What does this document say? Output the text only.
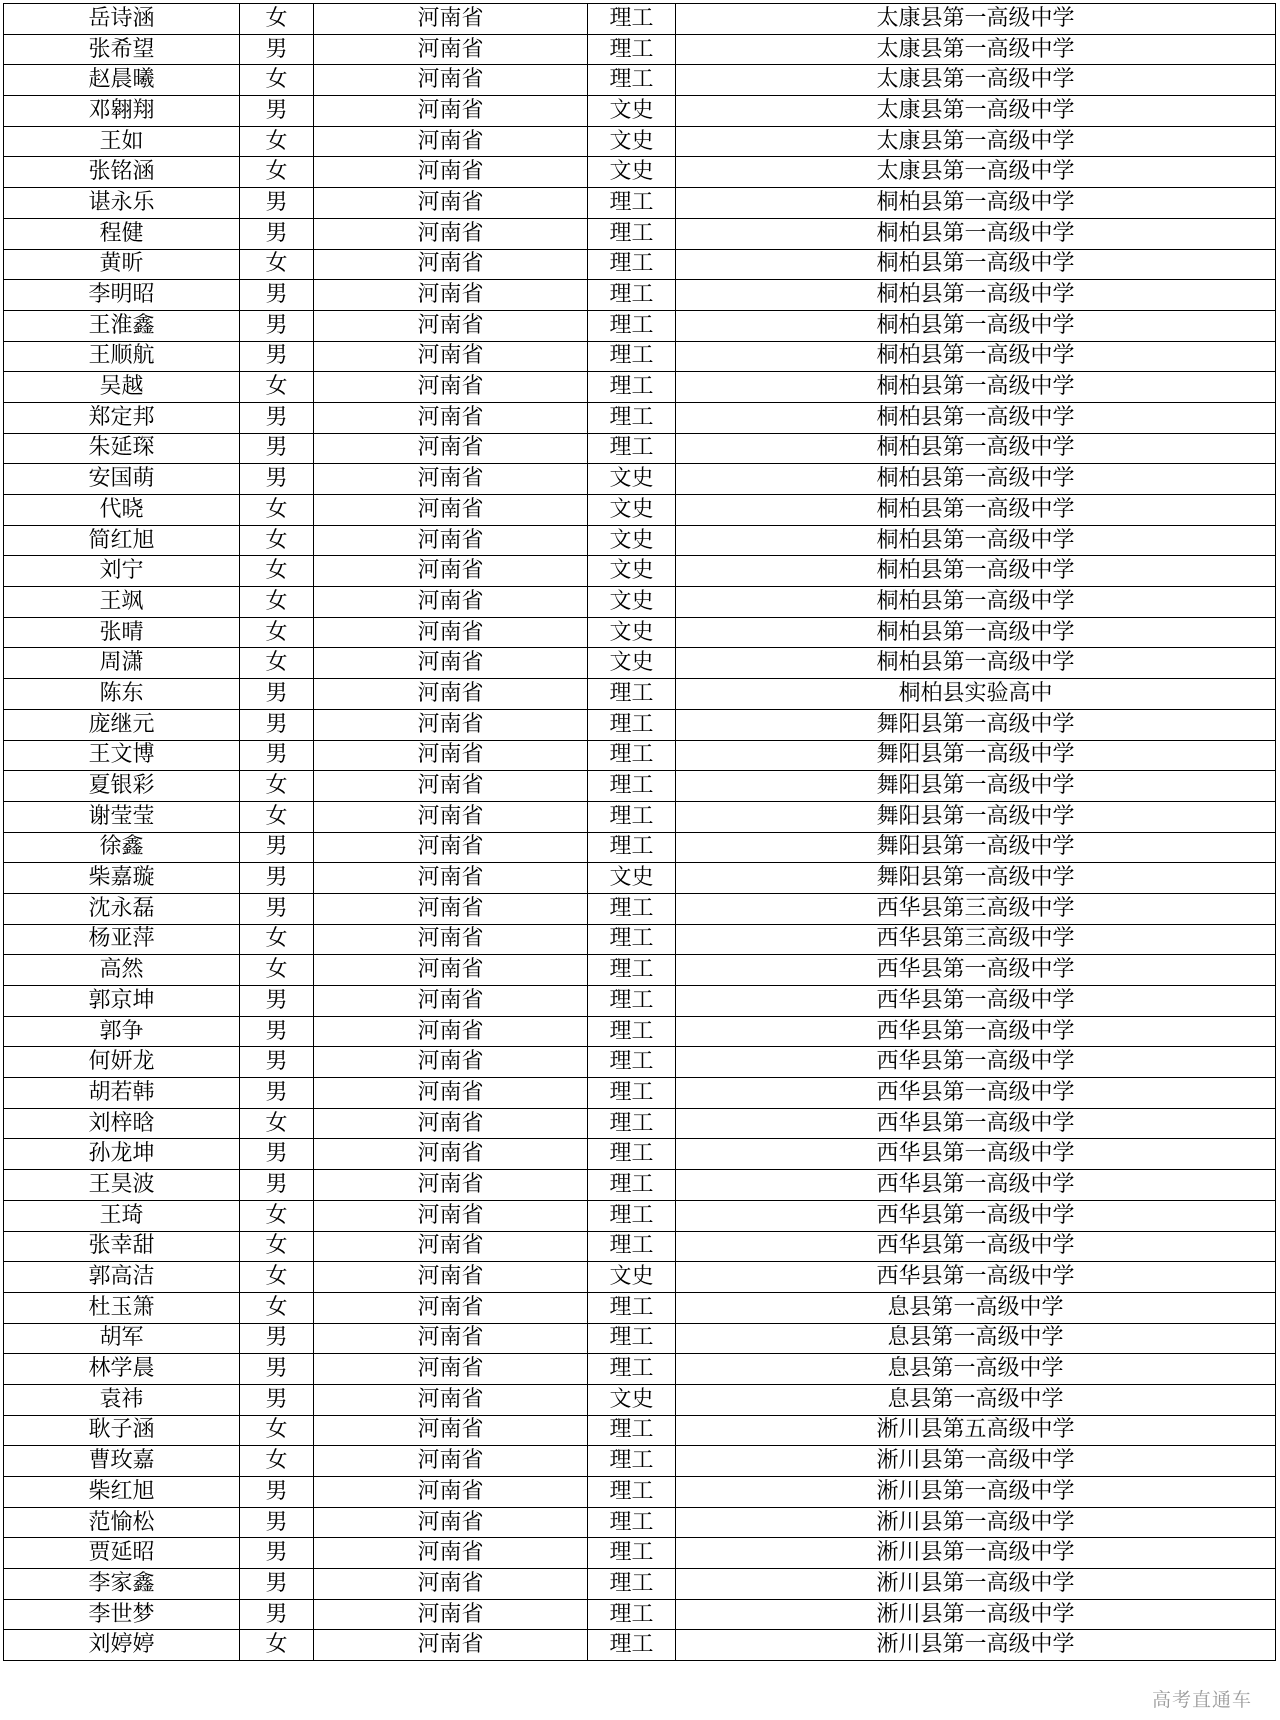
岳诗涵	女	河南省	理工	太康县第一高级中学
张希望	男	河南省	理工	太康县第一高级中学
赵晨曦	女	河南省	理工	太康县第一高级中学
邓翱翔	男	河南省	文史	太康县第一高级中学
王如	女	河南省	文史	太康县第一高级中学
张铭涵	女	河南省	文史	太康县第一高级中学
谌永乐	男	河南省	理工	桐柏县第一高级中学
程健	男	河南省	理工	桐柏县第一高级中学
黄昕	女	河南省	理工	桐柏县第一高级中学
李明昭	男	河南省	理工	桐柏县第一高级中学
王淮鑫	男	河南省	理工	桐柏县第一高级中学
王顺航	男	河南省	理工	桐柏县第一高级中学
吴越	女	河南省	理工	桐柏县第一高级中学
郑定邦	男	河南省	理工	桐柏县第一高级中学
朱延琛	男	河南省	理工	桐柏县第一高级中学
安国萌	男	河南省	文史	桐柏县第一高级中学
代晓	女	河南省	文史	桐柏县第一高级中学
简红旭	女	河南省	文史	桐柏县第一高级中学
刘宁	女	河南省	文史	桐柏县第一高级中学
王飒	女	河南省	文史	桐柏县第一高级中学
张晴	女	河南省	文史	桐柏县第一高级中学
周潇	女	河南省	文史	桐柏县第一高级中学
陈东	男	河南省	理工	桐柏县实验高中
庞继元	男	河南省	理工	舞阳县第一高级中学
王文博	男	河南省	理工	舞阳县第一高级中学
夏银彩	女	河南省	理工	舞阳县第一高级中学
谢莹莹	女	河南省	理工	舞阳县第一高级中学
徐鑫	男	河南省	理工	舞阳县第一高级中学
柴嘉璇	男	河南省	文史	舞阳县第一高级中学
沈永磊	男	河南省	理工	西华县第三高级中学
杨亚萍	女	河南省	理工	西华县第三高级中学
高然	女	河南省	理工	西华县第一高级中学
郭京坤	男	河南省	理工	西华县第一高级中学
郭争	男	河南省	理工	西华县第一高级中学
何妍龙	男	河南省	理工	西华县第一高级中学
胡若韩	男	河南省	理工	西华县第一高级中学
刘梓晗	女	河南省	理工	西华县第一高级中学
孙龙坤	男	河南省	理工	西华县第一高级中学
王昊波	男	河南省	理工	西华县第一高级中学
王琦	女	河南省	理工	西华县第一高级中学
张幸甜	女	河南省	理工	西华县第一高级中学
郭高洁	女	河南省	文史	西华县第一高级中学
杜玉箫	女	河南省	理工	息县第一高级中学
胡军	男	河南省	理工	息县第一高级中学
林学晨	男	河南省	理工	息县第一高级中学
袁祎	男	河南省	文史	息县第一高级中学
耿子涵	女	河南省	理工	淅川县第五高级中学
曹玫嘉	女	河南省	理工	淅川县第一高级中学
柴红旭	男	河南省	理工	淅川县第一高级中学
范愉松	男	河南省	理工	淅川县第一高级中学
贾延昭	男	河南省	理工	淅川县第一高级中学
李家鑫	男	河南省	理工	淅川县第一高级中学
李世梦	男	河南省	理工	淅川县第一高级中学
刘婷婷	女	河南省	理工	淅川县第一高级中学
高考直通车
